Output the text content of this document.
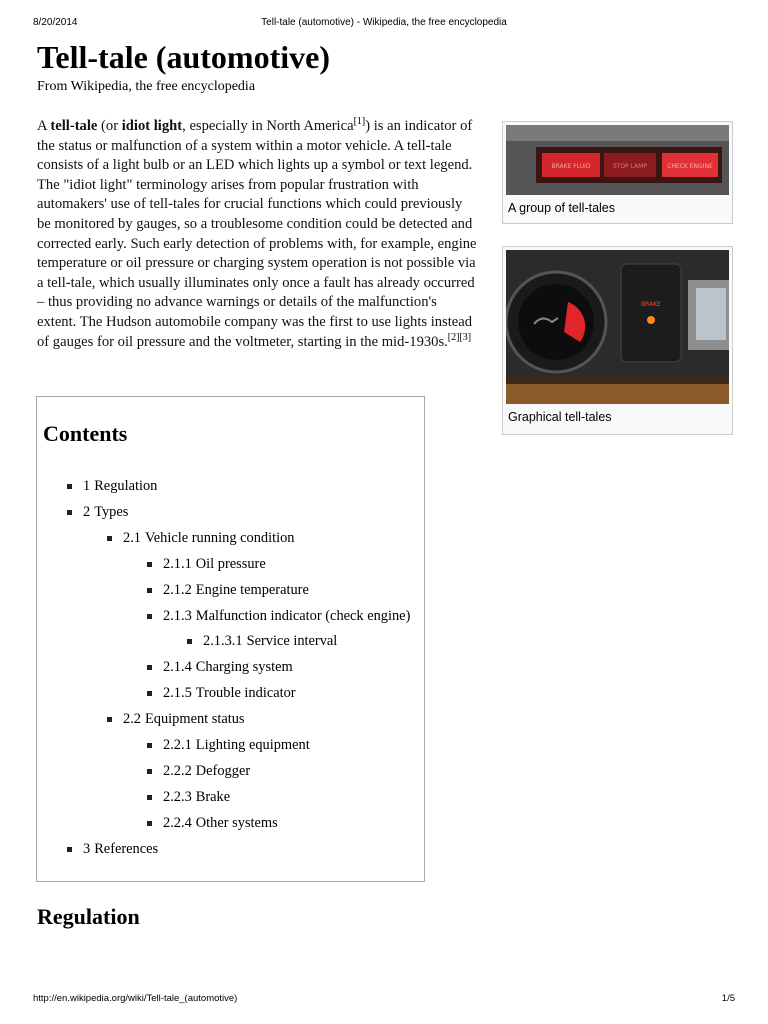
8/20/2014	Tell-tale (automotive) - Wikipedia, the free encyclopedia
Tell-tale (automotive)
From Wikipedia, the free encyclopedia

A tell-tale (or idiot light, especially in North America[1]) is an indicator of the status or malfunction of a system within a motor vehicle. A tell-tale consists of a light bulb or an LED which lights up a symbol or text legend. The "idiot light" terminology arises from popular frustration with automakers' use of tell-tales for crucial functions which could previously be monitored by gauges, so a troublesome condition could be detected and corrected early. Such early detection of problems with, for example, engine temperature or oil pressure or charging system operation is not possible via a tell-tale, which usually illuminates only once a fault has already occurred – thus providing no advance warnings or details of the malfunction's extent. The Hudson automobile company was the first to use lights instead of gauges for oil pressure and the voltmeter, starting in the mid-1930s.[2][3]

BRAKE FLUID	STOP LAMP	CHECK ENGINE
A group of tell-tales
BRAKE
Graphical tell-tales
Contents
1 Regulation
2 Types
2.1 Vehicle running condition
2.1.1 Oil pressure
2.1.2 Engine temperature
2.1.3 Malfunction indicator (check engine)
2.1.3.1 Service interval
2.1.4 Charging system
2.1.5 Trouble indicator
2.2 Equipment status
2.2.1 Lighting equipment
2.2.2 Defogger
2.2.3 Brake
2.2.4 Other systems
3 References
Regulation
http://en.wikipedia.org/wiki/Tell-tale_(automotive)	1/5
